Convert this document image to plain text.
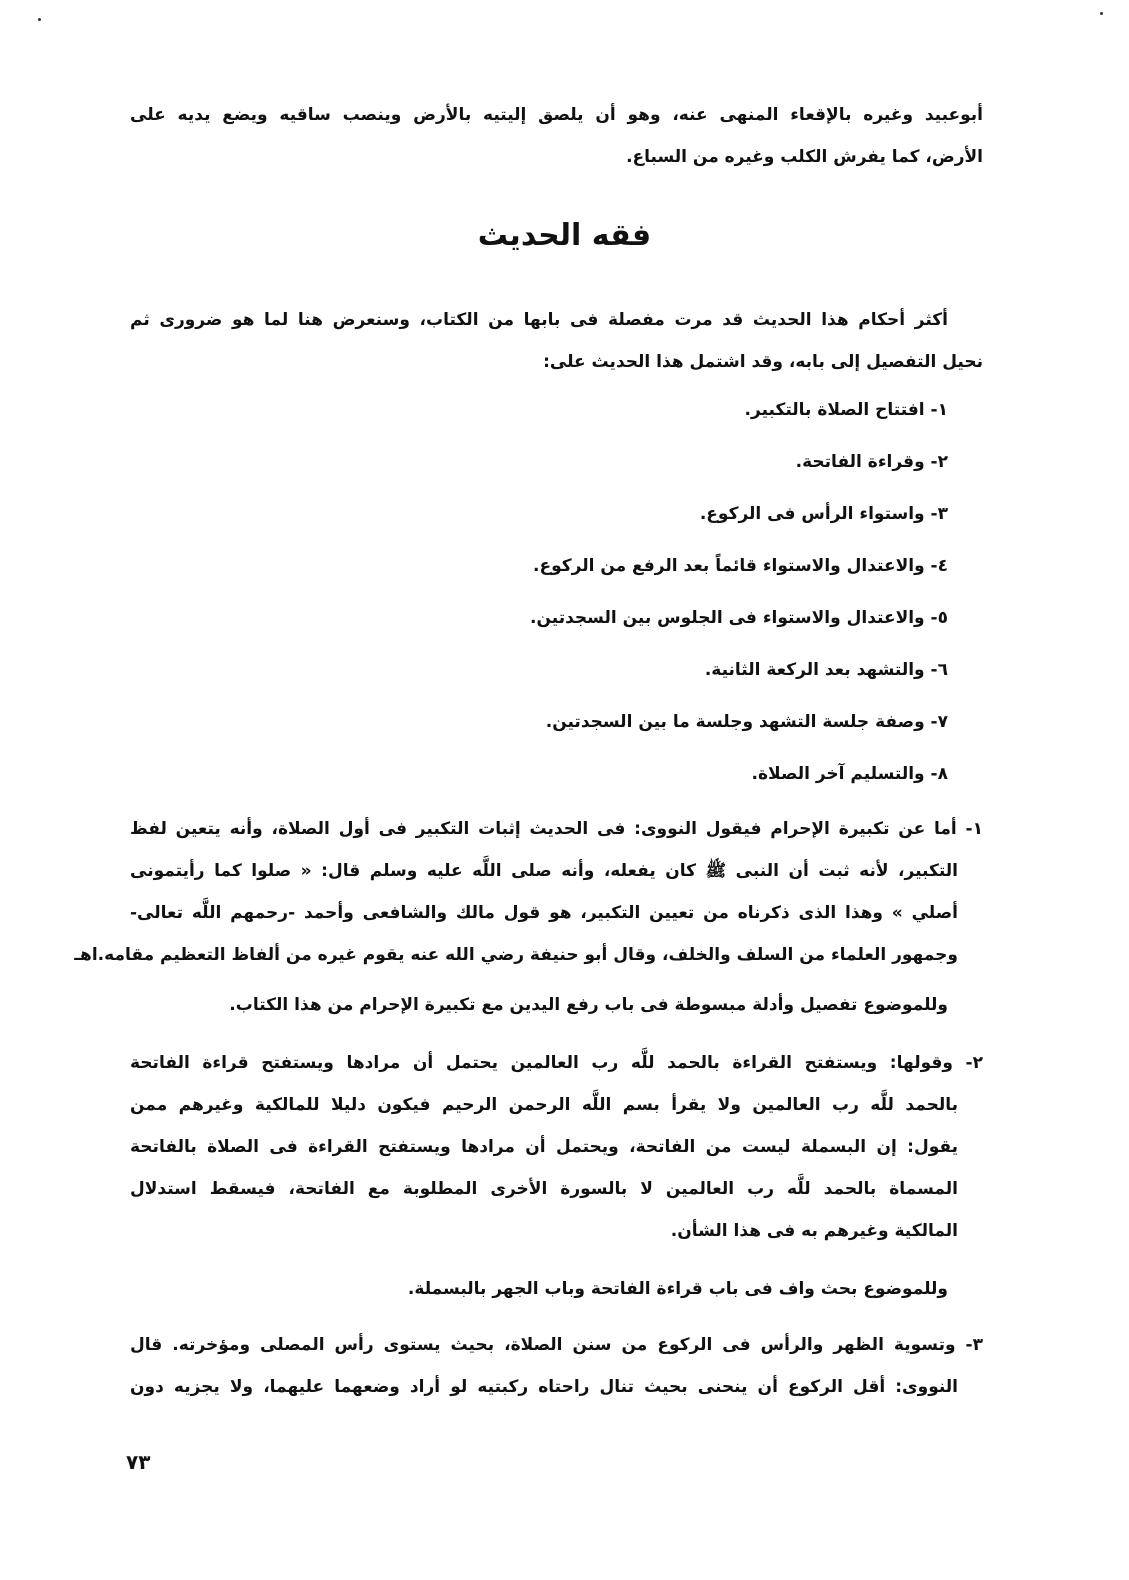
أبوعبيد وغيره بالإقعاء المنهى عنه، وهو أن يلصق إليتيه بالأرض وينصب ساقيه ويضع يديه على
الأرض، كما يفرش الكلب وغيره من السباع.
فقه الحديث
أكثر أحكام هذا الحديث قد مرت مفصلة فى بابها من الكتاب، وسنعرض هنا لما هو ضرورى ثم
نحيل التفصيل إلى بابه، وقد اشتمل هذا الحديث على:
١- افتتاح الصلاة بالتكبير.
٢- وقراءة الفاتحة.
٣- واستواء الرأس فى الركوع.
٤- والاعتدال والاستواء قائماً بعد الرفع من الركوع.
٥- والاعتدال والاستواء فى الجلوس بين السجدتين.
٦- والتشهد بعد الركعة الثانية.
٧- وصفة جلسة التشهد وجلسة ما بين السجدتين.
٨- والتسليم آخر الصلاة.
١- أما عن تكبيرة الإحرام فيقول النووى: فى الحديث إثبات التكبير فى أول الصلاة، وأنه يتعين لفظ
التكبير، لأنه ثبت أن النبى ﷺ كان يفعله، وأنه صلى اللَّه عليه وسلم قال: « صلوا كما رأيتمونى
أصلي » وهذا الذى ذكرناه من تعيين التكبير، هو قول مالك والشافعى وأحمد -رحمهم اللَّه تعالى-
وجمهور العلماء من السلف والخلف، وقال أبو حنيفة رضي الله عنه يقوم غيره من ألفاظ التعظيم مقامه.اهـ
وللموضوع تفصيل وأدلة مبسوطة فى باب رفع اليدين مع تكبيرة الإحرام من هذا الكتاب.
٢- وقولها: ويستفتح القراءة بالحمد للَّه رب العالمين يحتمل أن مرادها ويستفتح قراءة الفاتحة
بالحمد للَّه رب العالمين ولا يقرأ بسم اللَّه الرحمن الرحيم فيكون دليلا للمالكية وغيرهم ممن
يقول: إن البسملة ليست من الفاتحة، ويحتمل أن مرادها ويستفتح القراءة فى الصلاة بالفاتحة
المسماة بالحمد للَّه رب العالمين لا بالسورة الأخرى المطلوبة مع الفاتحة، فيسقط استدلال
المالكية وغيرهم به فى هذا الشأن.
وللموضوع بحث واف فى باب قراءة الفاتحة وباب الجهر بالبسملة.
٣- وتسوية الظهر والرأس فى الركوع من سنن الصلاة، بحيث يستوى رأس المصلى ومؤخرته. قال
النووى: أقل الركوع أن ينحنى بحيث تنال راحتاه ركبتيه لو أراد وضعهما عليهما، ولا يجزيه دون
٧٣
